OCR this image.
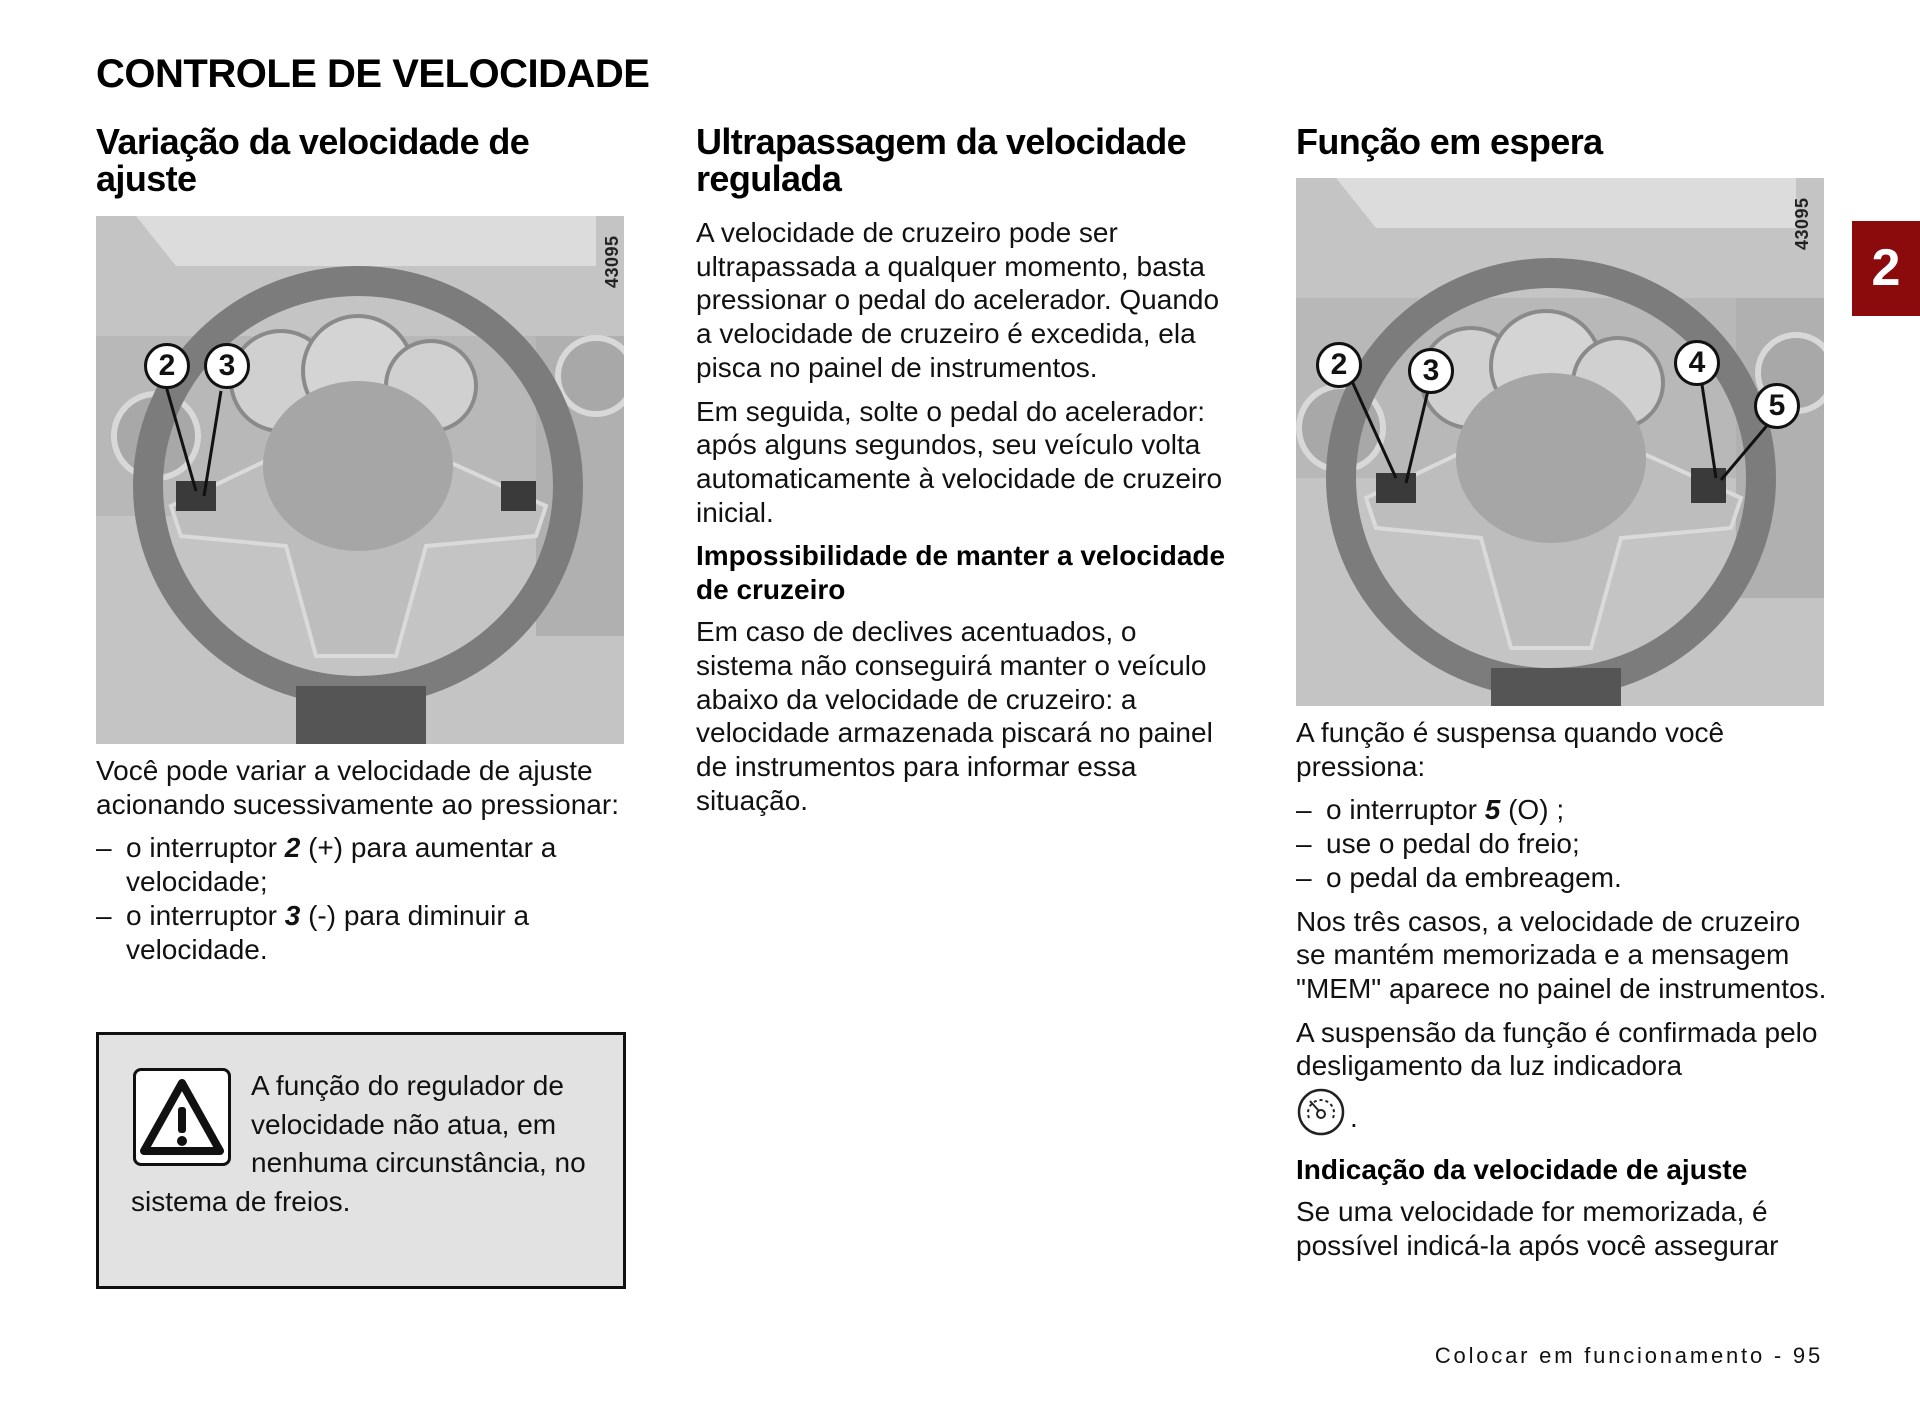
CONTROLE DE VELOCIDADE
2
Variação da velocidade de ajuste
2	3
43095

Você pode variar a velocidade de ajuste acionando sucessivamente ao pressionar:

– o interruptor 2 (+) para aumentar a velocidade;
– o interruptor 3 (-) para diminuir a velocidade.
A função do regulador de velocidade não atua, em nenhuma circunstância, no
sistema de freios.
Ultrapassagem da velocidade regulada

A velocidade de cruzeiro pode ser ultrapassada a qualquer momento, basta pressionar o pedal do acelerador. Quando a velocidade de cruzeiro é excedida, ela pisca no painel de instrumentos.

Em seguida, solte o pedal do acelerador: após alguns segundos, seu veículo volta automaticamente à velocidade de cruzeiro inicial.

Impossibilidade de manter a velocidade de cruzeiro

Em caso de declives acentuados, o sistema não conseguirá manter o veículo abaixo da velocidade de cruzeiro: a velocidade armazenada piscará no painel de instrumentos para informar essa situação.

Função em espera
2	3	4
5
43095

A função é suspensa quando você pressiona:

– o interruptor 5 (O) ;
– use o pedal do freio;
– o pedal da embreagem.

Nos três casos, a velocidade de cruzeiro se mantém memorizada e a mensagem "MEM" aparece no painel de instrumentos.

A suspensão da função é confirmada pelo desligamento da luz indicadora

.
Indicação da velocidade de ajuste

Se uma velocidade for memorizada, é possível indicá-la após você assegurar

Colocar em funcionamento - 95
